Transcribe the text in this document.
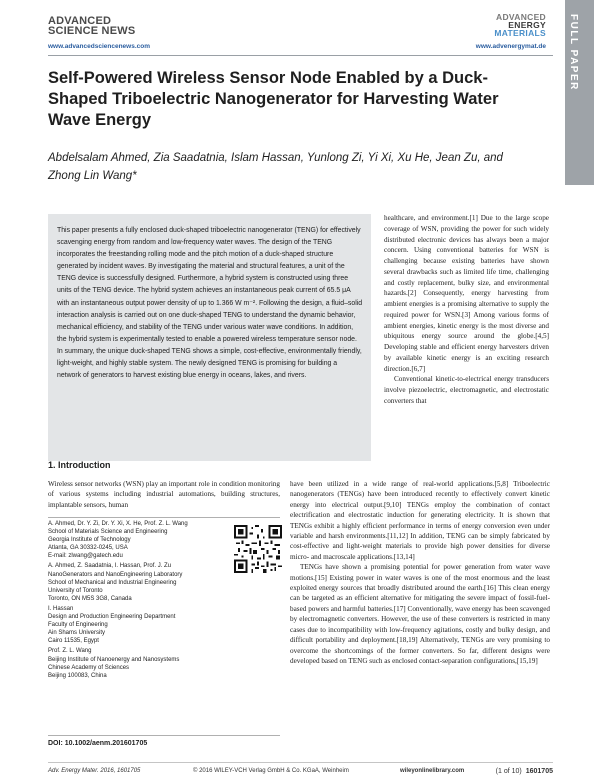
ADVANCED
SCIENCE NEWS
www.advancedsciencenews.com
ADVANCED
ENERGY
MATERIALS
www.advenergymat.de FULL PAPER
Self-Powered Wireless Sensor Node Enabled by a Duck-Shaped Triboelectric Nanogenerator for Harvesting Water Wave Energy
Abdelsalam Ahmed, Zia Saadatnia, Islam Hassan, Yunlong Zi, Yi Xi, Xu He, Jean Zu, and Zhong Lin Wang*
This paper presents a fully enclosed duck-shaped triboelectric nanogenerator (TENG) for effectively scavenging energy from random and low-frequency water waves. The design of the TENG incorporates the freestanding rolling mode and the pitch motion of a duck-shaped structure generated by incident waves. By investigating the material and structural features, a unit of the TENG device is successfully designed. Furthermore, a hybrid system is constructed using three units of the TENG device. The hybrid system achieves an instantaneous peak current of 65.5 μA with an instantaneous output power density of up to 1.366 W m⁻². Following the design, a fluid–solid interaction analysis is carried out on one duck-shaped TENG to understand the dynamic behavior, mechanical efficiency, and stability of the TENG under various water wave conditions. In addition, the hybrid system is experimentally tested to enable a powered wireless temperature sensor node. In summary, the unique duck-shaped TENG shows a simple, cost-effective, environmentally friendly, light-weight, and highly stable system. The newly designed TENG is promising for building a network of generators to harvest existing blue energy in oceans, lakes, and rivers.

healthcare, and environment.[1] Due to the large scope coverage of WSN, providing the power for such widely distributed electronic devices has always been a major concern. Using conventional batteries for WSN is challenging because existing batteries have shown several drawbacks such as limited life time, challenging and costly replacement, bulky size, and environmental hazards.[2] Consequently, energy harvesting from ambient energies is a promising alternative to supply the required power for WSN.[3] Among various forms of ambient energies, kinetic energy is the most diverse and ubiquitous energy source around the globe.[4,5] Developing stable and efficient energy harvesters driven by available kinetic energy is an exciting research direction.[6,7]

Conventional kinetic-to-electrical energy transducers involve piezoelectric, electromagnetic, and electrostatic converters that

1. Introduction
Wireless sensor networks (WSN) play an important role in condition monitoring of various systems including industrial automations, building structures, implantable sensors, human
A. Ahmed, Dr. Y. Zi, Dr. Y. Xi, X. He, Prof. Z. L. Wang
School of Materials Science and Engineering
Georgia Institute of Technology
Atlanta, GA 30332-0245, USA
E-mail: zlwang@gatech.edu
A. Ahmed, Z. Saadatnia, I. Hassan, Prof. J. Zu
NanoGenerators and NanoEngineering Laboratory
School of Mechanical and Industrial Engineering
University of Toronto
Toronto, ON M5S 3G8, Canada
I. Hassan
Design and Production Engineering Department
Faculty of Engineering
Ain Shams University
Cairo 11535, Egypt
Prof. Z. L. Wang
Beijing Institute of Nanoenergy and Nanosystems
Chinese Academy of Sciences
Beijing 100083, China
DOI: 10.1002/aenm.201601705

have been utilized in a wide range of real-world applications.[5,8] Triboelectric nanogenerators (TENGs) have been introduced recently to effectively convert kinetic energy into electrical output.[9,10] TENGs employ the combination of contact electrification and electrostatic induction for generating electricity. It is shown that TENGs exhibit a highly efficient performance in terms of energy conversion even under variable and harsh environments.[11,12] In addition, TENG can be simply fabricated by cost-effective and light-weight materials to provide high power densities for diverse micro- and macroscale applications.[13,14]

TENGs have shown a promising potential for power generation from water wave motions.[15] Existing power in water waves is one of the most enormous and the least exploited energy sources that broadly distributed around the earth.[16] This clean energy can be targeted as an efficient alternative for mitigating the severe impact of fossil-fuel-based powers and harmful batteries.[17] Conventionally, wave energy has been scavenged by electromagnetic converters. However, the use of these converters is restricted in many cases due to incompatibility with low-frequency agitations, costly and bulky design, and difficult portability and deployment.[18,19] Alternatively, TENGs are very promising to overcome the shortcomings of the former converters. So far, different designs were developed based on TENG such as enclosed contact-separation configurations,[15,19]

Adv. Energy Mater. 2016, 1601705	© 2016 WILEY-VCH Verlag GmbH & Co. KGaA, Weinheim	wileyonlinelibrary.com	(1 of 10) 1601705
